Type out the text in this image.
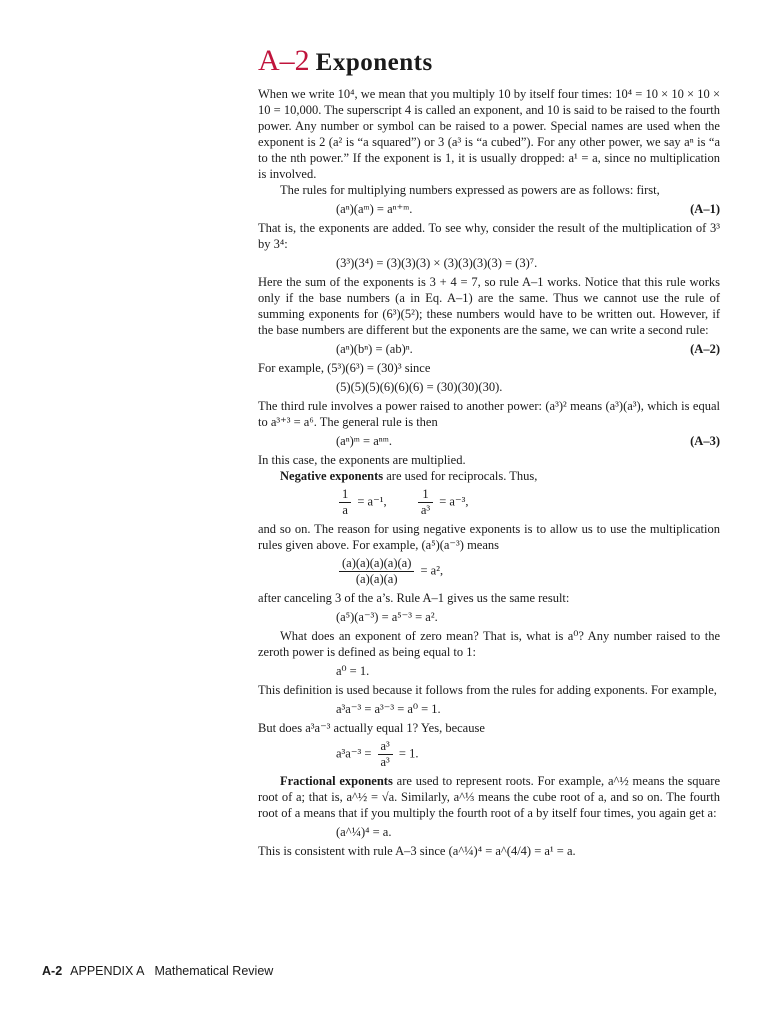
A–2 Exponents

When we write 10⁴, we mean that you multiply 10 by itself four times: 10⁴ = 10 × 10 × 10 × 10 = 10,000. The superscript 4 is called an exponent, and 10 is said to be raised to the fourth power. Any number or symbol can be raised to a power. Special names are used when the exponent is 2 (a² is “a squared”) or 3 (a³ is “a cubed”). For any other power, we say aⁿ is “a to the nth power.” If the exponent is 1, it is usually dropped: a¹ = a, since no multiplication is involved.

The rules for multiplying numbers expressed as powers are as follows: first,

(aⁿ)(aᵐ) = aⁿ⁺ᵐ.	(A–1)

That is, the exponents are added. To see why, consider the result of the multiplication of 3³ by 3⁴:

(3³)(3⁴) = (3)(3)(3) × (3)(3)(3)(3) = (3)⁷.

Here the sum of the exponents is 3 + 4 = 7, so rule A–1 works. Notice that this rule works only if the base numbers (a in Eq. A–1) are the same. Thus we cannot use the rule of summing exponents for (6³)(5²); these numbers would have to be written out. However, if the base numbers are different but the exponents are the same, we can write a second rule:

(aⁿ)(bⁿ) = (ab)ⁿ.	(A–2)

For example, (5³)(6³) = (30)³ since

(5)(5)(5)(6)(6)(6) = (30)(30)(30).

The third rule involves a power raised to another power: (a³)² means (a³)(a³), which is equal to a³⁺³ = a⁶. The general rule is then

(aⁿ)ᵐ = aⁿᵐ.	(A–3)

In this case, the exponents are multiplied.

Negative exponents are used for reciprocals. Thus,

$\frac{1}{a} = a^{-1}$,	$\frac{1}{\text{a³}} = a^{-3}$,

and so on. The reason for using negative exponents is to allow us to use the multiplication rules given above. For example, (a⁵)(a⁻³) means

$\frac{(a)(a)(a)(a)(a)}{(a)(a)(a)} = a^2$,

after canceling 3 of the a’s. Rule A–1 gives us the same result:

(a⁵)(a⁻³) = a⁵⁻³ = a².

What does an exponent of zero mean? That is, what is a⁰? Any number raised to the zeroth power is defined as being equal to 1:

a⁰ = 1.

This definition is used because it follows from the rules for adding exponents. For example,

a³a⁻³ = a³⁻³ = a⁰ = 1.

But does a³a⁻³ actually equal 1? Yes, because

$a^3a^{-3} = \frac{\text{a³}}{\text{a³}} = 1$.

Fractional exponents are used to represent roots. For example, a^½ means the square root of a; that is, a^½ = √a. Similarly, a^⅓ means the cube root of a, and so on. The fourth root of a means that if you multiply the fourth root of a by itself four times, you again get a:

(a^¼)⁴ = a.

This is consistent with rule A–3 since (a^¼)⁴ = a^(4/4) = a¹ = a.

A-2 APPENDIX A Mathematical Review
